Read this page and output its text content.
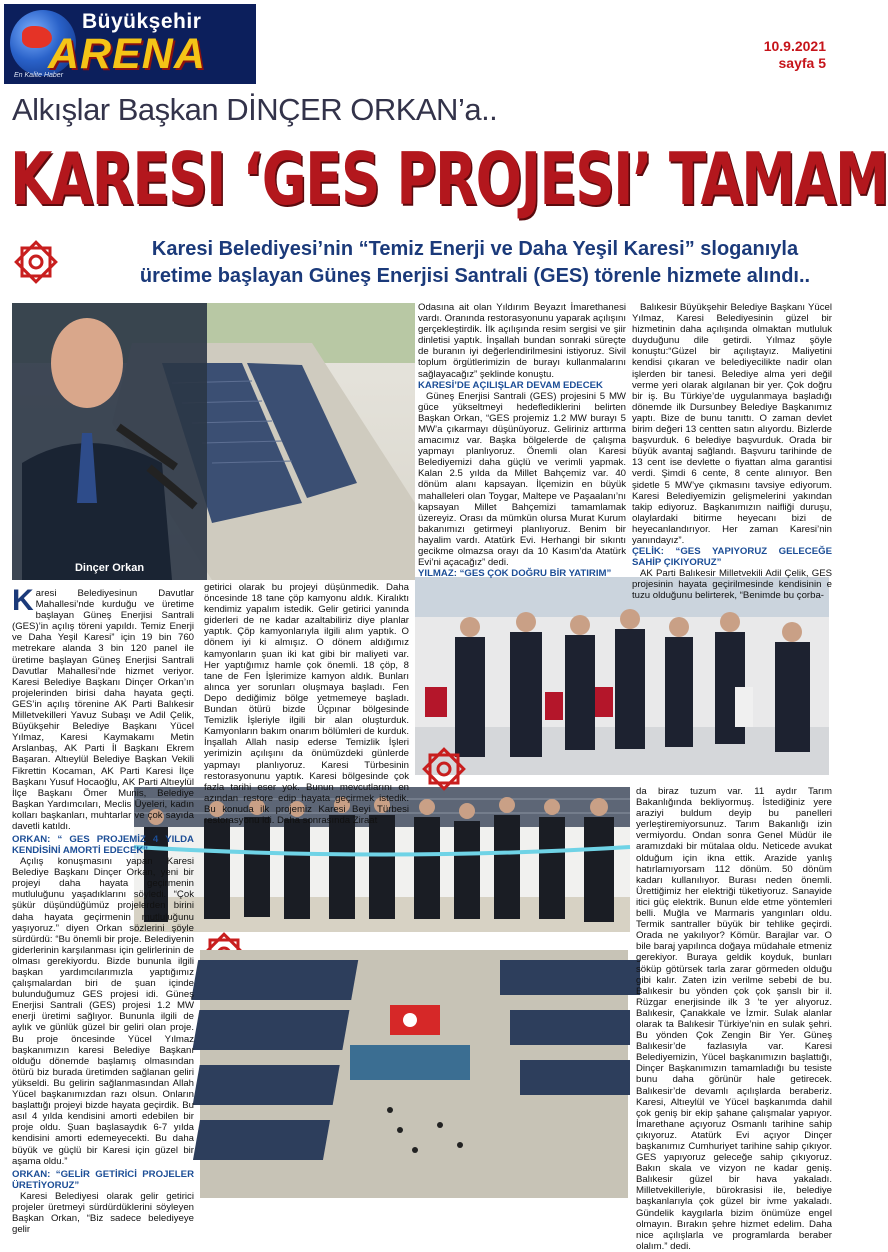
Büyükşehir
ARENA
En Kalite Haber
10.9.2021
sayfa 5
Alkışlar Başkan DİNÇER ORKAN’a..
KARESI ‘GES PROJESI’ TAMAM
Karesi Belediyesi’nin “Temiz Enerji ve Daha Yeşil Karesi” sloganıyla
üretime başlayan Güneş Enerjisi Santrali (GES) törenle hizmete alındı..
Dinçer Orkan

Karesi Belediyesinun Davutlar Mahallesi’nde kurduğu ve üretime başlayan Güneş Enerjisi Santrali (GES)’in açılış töreni yapıldı. Temiz Enerji ve Daha Yeşil Karesi” için 19 bin 760 metrekare alanda 3 bin 120 panel ile üretime başlayan Güneş Enerjisi Santrali Davutlar Mahallesi’nde hizmet veriyor. Karesi Belediye Başkanı Dinçer Orkan’ın projelerinden birisi daha hayata geçti. GES’in açılış törenine AK Parti Balıkesir Milletvekilleri Yavuz Subaşı ve Adil Çelik, Büyükşehir Belediye Başkanı Yücel Yılmaz, Karesi Kaymakamı Metin Arslanbaş, AK Parti İl Başkanı Ekrem Başaran. Altıeylül Belediye Başkan Vekili Fikrettin Kocaman, AK Parti Karesi İlçe Başkanı Yusuf Hocaoğlu, AK Parti Altıeylül İlçe Başkanı Ömer Munis, Belediye Başkan Yardımcıları, Meclis Üyeleri, kadın kolları başkanları, muhtarlar ve çok sayıda davetli katıldı.

ORKAN: “ GES PROJEMİZ 4 YILDA KENDİSİNİ AMORTİ EDECEK”

Açılış konuşmasını yapan Karesi Belediye Başkanı Dinçer Orkan, yeni bir projeyi daha hayata geçirmenin mutluluğunu yaşadıklarını söyledi. “Çok şükür düşündüğümüz projelerden birini daha hayata geçirmenin mutluluğunu yaşıyoruz.” diyen Orkan sözlerini şöyle sürdürdü: “Bu önemli bir proje. Belediyenin giderlerinin karşılanması için gelirlerinin de olması gerekiyordu. Bizde bununla ilgili başkan yardımcılarımızla yaptığımız çalışmalardan biri de şuan içinde bulunduğumuz GES projesi idi. Güneş Enerjisi Santrali (GES) projesi 1.2 MW enerji üretimi sağlıyor. Bununla ilgili de aylık ve günlük güzel bir geliri olan proje. Bu proje öncesinde Yücel Yılmaz başkanımızın karesi Belediye Başkanı olduğu dönemde başlamış olmasından ötürü biz burada üretimden sağlanan geliri yükseldi. Bu gelirin sağlanmasından Allah Yücel başkanımızdan razı olsun. Onların başlattığı projeyi bizde hayata geçirdik. Bu asıl 4 yılda kendisini amorti edebilen bir proje oldu. Şuan başlasaydık 6-7 yılda kendisini amorti edemeyecekti. Bu daha büyük ve güçlü bir Karesi için güzel bir aşama oldu.”

ORKAN: “GELİR GETİRİCİ PROJELER ÜRETİYORUZ”

Karesi Belediyesi olarak gelir getirici projeler üretmeyi sürdürdüklerini söyleyen Başkan Orkan, “Biz sadece belediyeye gelir

getirici olarak bu projeyi düşünmedik. Daha öncesinde 18 tane çöp kamyonu aldık. Kiralıktı kendimiz yapalım istedik. Gelir getirici yanında giderleri de ne kadar azaltabiliriz diye planlar yaptık. Çöp kamyonlarıyla ilgili alım yaptık. O dönem iyi ki almışız. O dönem aldığımız kamyonların şuan iki kat gibi bir maliyeti var. Her yaptığımız hamle çok önemli. 18 çöp, 8 tane de Fen İşlerimize kamyon aldık. Bunları alınca yer sorunları oluşmaya başladı. Fen Depo dediğimiz bölge yetmemeye başladı. Bundan ötürü bizde Üçpınar bölgesinde Temizlik İşleriyle ilgili bir alan oluşturduk. Kamyonların bakım onarım bölümleri de kurduk. İnşallah Allah nasip ederse Temizlik İşleri yerimizin açılışını da önümüzdeki günlerde yapmayı planlıyoruz. Karesi Türbesinin restorasyonunu yaptık. Karesi bölgesinde çok fazla tarihi eser yok. Bunun mevcutlarını en azından restore edip hayata geçirmek istedik. Bu konuda ilk projemiz Karesi Beyi Türbesi restorasyonu idi. Daha sonrasında Ziraat

Odasına ait olan Yıldırım Beyazıt İmarethanesi vardı. Oranında restorasyonunu yaparak açılışını gerçekleştirdik. İlk açılışında resim sergisi ve şiir dinletisi yaptık. İnşallah bundan sonraki süreçte de buranın iyi değerlendirilmesini istiyoruz. Sivil toplum örgütlerimizin de burayı kullanmalarını sağlayacağız” şeklinde konuştu.

KARESİ’DE AÇILIŞLAR DEVAM EDECEK

Güneş Enerjisi Santrali (GES) projesini 5 MW güce yükseltmeyi hedeflediklerini belirten Başkan Orkan, “GES projemiz 1.2 MW burayı 5 MW’a çıkarmayı düşünüyoruz. Geliriniz arttırma amacımız var. Başka bölgelerde de çalışma yapmayı planlıyoruz. Önemli olan Karesi Belediyemizi daha güçlü ve verimli yapmak. Kalan 2.5 yılda da Millet Bahçemiz var. 40 dönüm alanı kapsayan. İlçemizin en büyük mahalleleri olan Toygar, Maltepe ve Paşaalanı’nı kapsayan Millet Bahçemizi tamamlamak üzereyiz. Orası da mümkün olursa Murat Kurum bakanımızı getirmeyi planlıyoruz. Benim bir hayalim vardı. Atatürk Evi. Herhangi bir sıkıntı gecikme olmazsa orayı da 10 Kasım’da Atatürk Evi’ni açacağız” dedi.

YILMAZ: “GES ÇOK DOĞRU BİR YATIRIM”

Balıkesir Büyükşehir Belediye Başkanı Yücel Yılmaz, Karesi Belediyesinin güzel bir hizmetinin daha açılışında olmaktan mutluluk duyduğunu dile getirdi. Yılmaz şöyle konuştu:“Güzel bir açılıştayız. Maliyetini kendisi çıkaran ve belediyecilikte nadir olan işlerden bir tanesi. Belediye alma yeri değil verme yeri olarak algılanan bir yer. Çok doğru bir iş. Bu Türkiye’de uygulanmaya başladığı dönemde ilk Dursunbey Belediye Başkanımız yaptı. Bize de bunu tanıttı. O zaman devlet birim değeri 13 centten satın alıyordu. Bizlerde başvurduk. 6 belediye başvurduk. Orada bir büyük avantaj sağlandı. Başvuru tarihinde de 13 cent ise devlette o fiyattan alma garantisi verdi. Şimdi 6 cente, 8 cente alınıyor. Ben şidetle 5 MW’ye çıkmasını tavsiye ediyorum. Karesi Belediyemizin gelişmelerini yakından takip ediyoruz. Başkanımızın naifliği duruşu, olaylardaki bitirme heyecanı bizi de heyecanlandırıyor. Her zaman Karesi’nin yanındayız”.

ÇELİK: “GES YAPIYORUZ GELECEĞE SAHİP ÇIKIYORUZ”

AK Parti Balıkesir Milletvekili Adil Çelik, GES projesinin hayata geçirilmesinde kendisinin e tuzu olduğunu belirterek, “Benimde bu çorba-

da biraz tuzum var. 11 aydır Tarım Bakanlığında bekliyormuş. İstediğiniz yere araziyi buldum deyip bu panelleri yerleştiremiyorsunuz. Tarım Bakanlığı izin vermiyordu. Ondan sonra Genel Müdür ile aramızdaki bir mütalaa oldu. Neticede avukat olduğum için ikna ettik. Arazide yanlış hatırlamıyorsam 112 dönüm. 50 dönüm kadarı kullanılıyor. Burası neden önemli. Ürettiğimiz her elektriği tüketiyoruz. Sanayide itici güç elektrik. Bunun elde etme yöntemleri belli. Muğla ve Marmaris yangınları oldu. Termik santraller büyük bir tehlike geçirdi. Orada ne yakılıyor? Kömür. Barajlar var. O bile baraj yapılınca doğaya müdahale etmeniz gerekiyor. Buraya geldik koyduk, bunları söküp götürsek tarla zarar görmeden olduğu gibi kalır. Zaten izin verilme sebebi de bu. Balıkesir bu yönden çok çok şanslı bir il. Rüzgar enerjisinde ilk 3 ’te yer alıyoruz. Balıkesir, Çanakkale ve İzmir. Sulak alanlar olarak ta Balıkesir Türkiye’nin en sulak şehri. Bu yönden Çok Zengin Bir Yer. Güneş Balıkesir’de fazlasıyla var. Karesi Belediyemizin, Yücel başkanımızın başlattığı, Dinçer Başkanımızın tamamladığı bu tesiste bunu daha görünür hale getirecek. Balıkesir’de devamlı açılışlarda beraberiz. Karesi, Altıeylül ve Yücel başkanımda dahil çok geniş bir ekip şahane çalışmalar yapıyor. İmarethane açıyoruz Osmanlı tarihine sahip çıkıyoruz. Atatürk Evi açıyor Dinçer başkanımız Cumhuriyet tarihine sahip çıkıyor. GES yapıyoruz geleceğe sahip çıkıyoruz. Bakın skala ve vizyon ne kadar geniş. Balıkesir güzel bir hava yakaladı. Milletvekilleriyle, bürokrasisi ile, belediye başkanlarıyla çok güzel bir ivme yakaladı. Gündelik kaygılarla bizim önümüze engel olmayın. Bırakın şehre hizmet edelim. Daha nice açılışlarla ve programlarda beraber olalım.” dedi.
